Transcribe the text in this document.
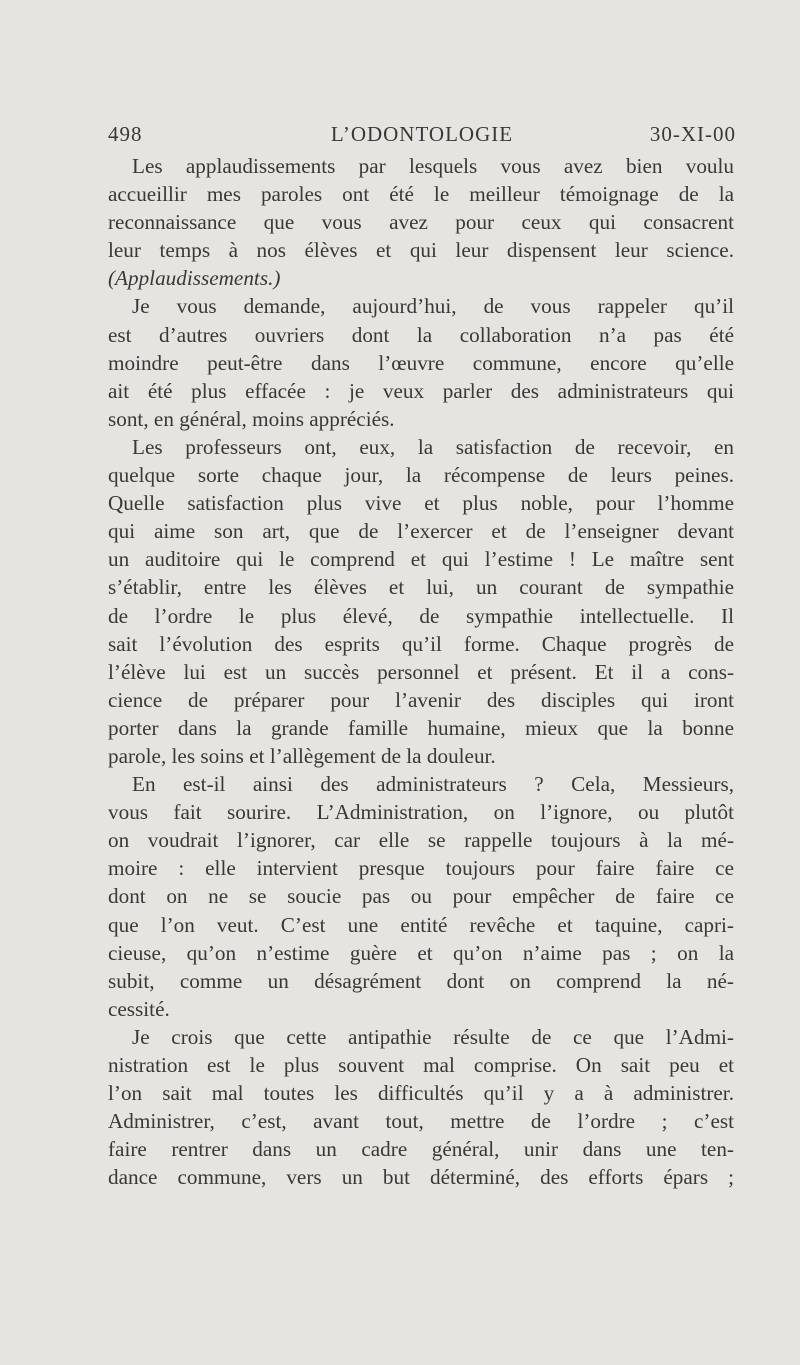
498	L’ODONTOLOGIE	30-XI-00
Les applaudissements par lesquels vous avez bien voulu
accueillir mes paroles ont été le meilleur témoignage de la
reconnaissance que vous avez pour ceux qui consacrent
leur temps à nos élèves et qui leur dispensent leur science.
(Applaudissements.)
Je vous demande, aujourd’hui, de vous rappeler qu’il
est d’autres ouvriers dont la collaboration n’a pas été
moindre peut-être dans l’œuvre commune, encore qu’elle
ait été plus effacée : je veux parler des administrateurs qui
sont, en général, moins appréciés.
Les professeurs ont, eux, la satisfaction de recevoir, en
quelque sorte chaque jour, la récompense de leurs peines.
Quelle satisfaction plus vive et plus noble, pour l’homme
qui aime son art, que de l’exercer et de l’enseigner devant
un auditoire qui le comprend et qui l’estime ! Le maître sent
s’établir, entre les élèves et lui, un courant de sympathie
de l’ordre le plus élevé, de sympathie intellectuelle. Il
sait l’évolution des esprits qu’il forme. Chaque progrès de
l’élève lui est un succès personnel et présent. Et il a cons-
cience de préparer pour l’avenir des disciples qui iront
porter dans la grande famille humaine, mieux que la bonne
parole, les soins et l’allègement de la douleur.
En est-il ainsi des administrateurs ? Cela, Messieurs,
vous fait sourire. L’Administration, on l’ignore, ou plutôt
on voudrait l’ignorer, car elle se rappelle toujours à la mé-
moire : elle intervient presque toujours pour faire faire ce
dont on ne se soucie pas ou pour empêcher de faire ce
que l’on veut. C’est une entité revêche et taquine, capri-
cieuse, qu’on n’estime guère et qu’on n’aime pas ; on la
subit, comme un désagrément dont on comprend la né-
cessité.
Je crois que cette antipathie résulte de ce que l’Admi-
nistration est le plus souvent mal comprise. On sait peu et
l’on sait mal toutes les difficultés qu’il y a à administrer.
Administrer, c’est, avant tout, mettre de l’ordre ; c’est
faire rentrer dans un cadre général, unir dans une ten-
dance commune, vers un but déterminé, des efforts épars ;
